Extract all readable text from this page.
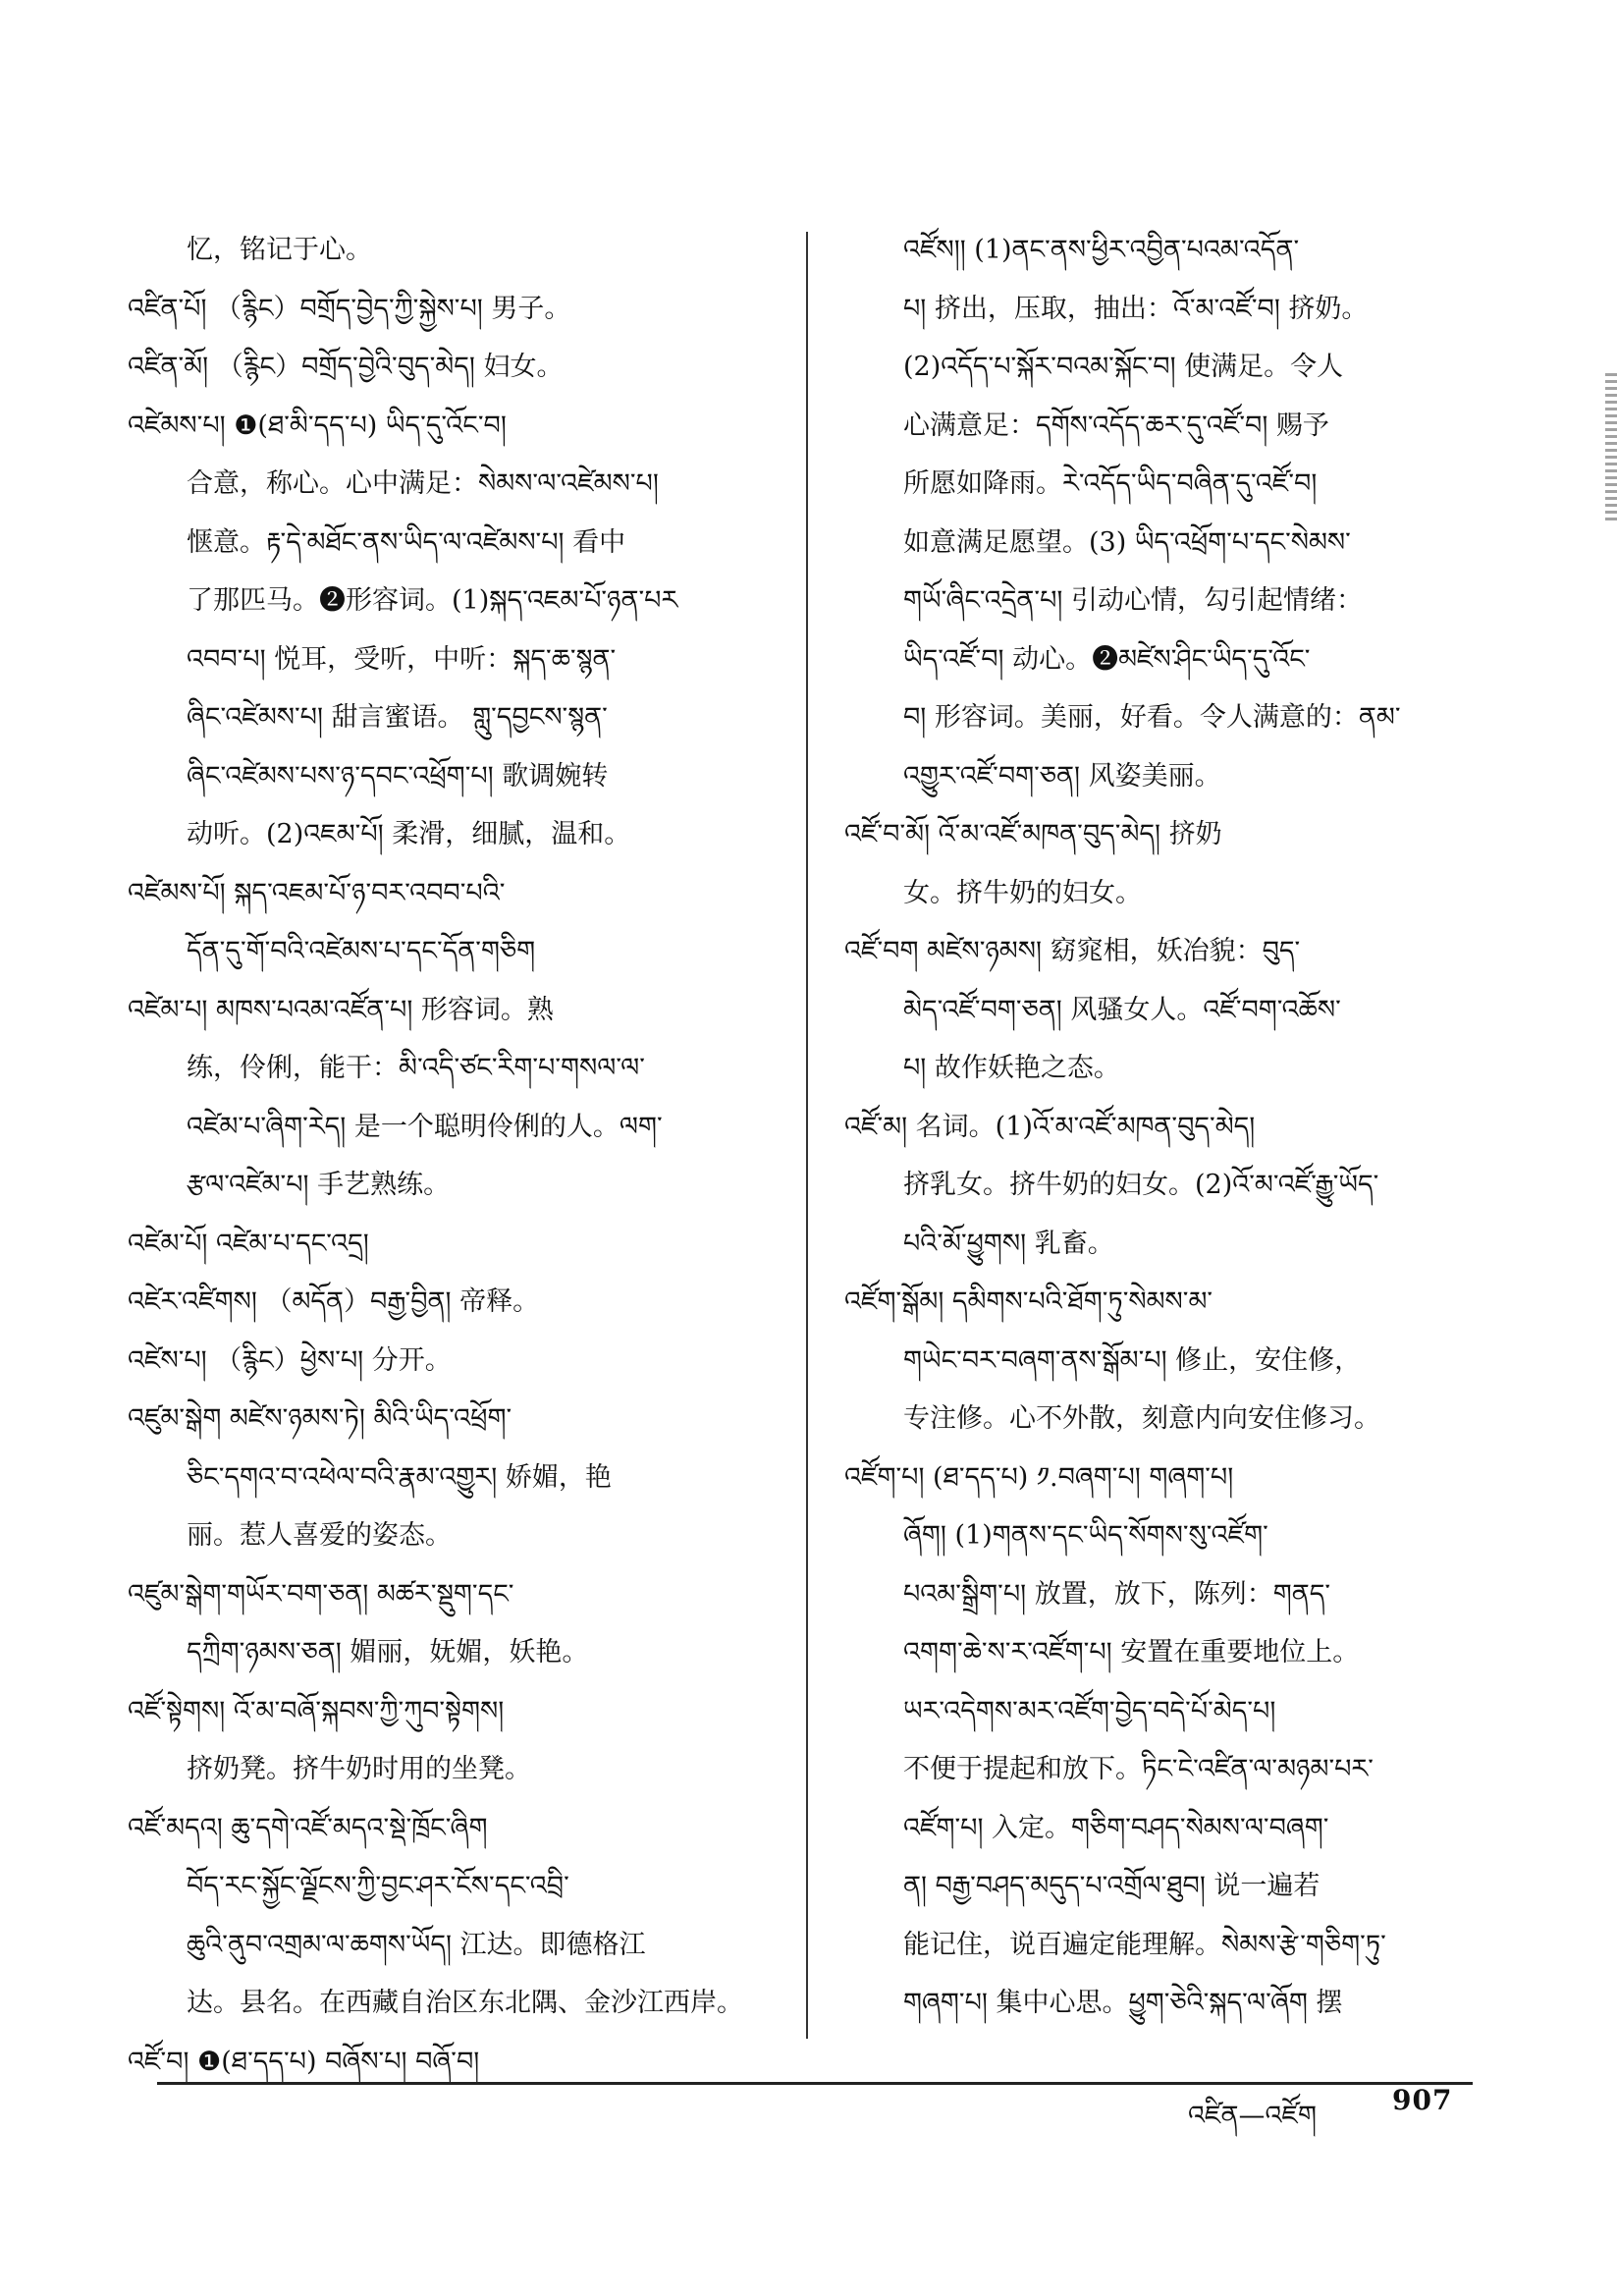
忆，铭记于心。
འཛིན་པོ། （རྙིང）བགྲོད་བྱེད་ཀྱི་སྐྱེས་པ། 男子。
འཛིན་མོ། （རྙིང）བགྲོད་བྱེའི་བུད་མེད། 妇女。
འཛེམས་པ། ❶(ཐ་མི་དད་པ) ཡིད་དུ་འོང་བ།
合意，称心。心中满足：སེམས་ལ་འཛེམས་པ།
惬意。རྟ་དེ་མཐོང་ནས་ཡིད་ལ་འཛེམས་པ། 看中
了那匹马。❷形容词。(1)སྐད་འཇམ་པོ་ཉན་པར
འབབ་པ། 悦耳，受听，中听：སྐད་ཆ་སྙན་
ཞིང་འཛེམས་པ། 甜言蜜语。 གླུ་དབྱངས་སྙན་
ཞིང་འཛེམས་པས་ཉ་དབང་འཕྲོག་པ། 歌调婉转
动听。(2)འཇམ་པོ། 柔滑，细腻，温和。
འཛེམས་པོ། སྐད་འཇམ་པོ་ཉ་བར་འབབ་པའི་
དོན་དུ་གོ་བའི་འཛེམས་པ་དང་དོན་གཅིག
འཛེམ་པ། མཁས་པའམ་འཛོན་པ། 形容词。熟
练，伶俐，能干：མི་འདི་ཙང་རིག་པ་གསལ་ལ་
འཛེམ་པ་ཞིག་རེད། 是一个聪明伶俐的人。ལག་
རྩལ་འཛེམ་པ། 手艺熟练。
འཛེམ་པོ། འཛེམ་པ་དང་འདྲ།
འཛེར་འཛིགས། （མདོན）བརྒྱ་བྱིན། 帝释。
འཛེས་པ། （རྙིང）ཕྱེས་པ། 分开。
འཛུམ་སྒེག མཛེས་ཉམས་ཏེ། མིའི་ཡིད་འཕྲོག་
ཅིང་དགའ་བ་འཕེལ་བའི་རྣམ་འགྱུར། 娇媚，艳
丽。惹人喜爱的姿态。
འཛུམ་སྒེག་གཡོར་བག་ཅན། མཚར་སྡུག་དང་
དཀྲིག་ཉམས་ཅན། 媚丽，妩媚，妖艳。
འཛོ་སྟེགས། འོ་མ་བཞོ་སྐབས་ཀྱི་ཀུབ་སྟེགས།
挤奶凳。挤牛奶时用的坐凳。
འཛོ་མདའ། ཆུ་དགེ་འཛོ་མདའ་སྡེ་ཁྲོང་ཞིག
བོད་རང་སྐྱོང་ལྗོངས་ཀྱི་བྱང་ཤར་ངོས་དང་འབྲི་
ཆུའི་ནུབ་འགྲམ་ལ་ཆགས་ཡོད། 江达。即德格江
达。县名。在西藏自治区东北隅、金沙江西岸。
འཛོ་བ། ❶(ཐ་དད་པ) བཞོས་པ། བཞོ་བ།
འཛོས།། (1)ནང་ནས་ཕྱིར་འབྱིན་པའམ་འདོན་
པ། 挤出，压取，抽出：འོ་མ་འཛོ་བ། 挤奶。
(2)འདོད་པ་སྐོར་བའམ་སྐོང་བ། 使满足。令人
心满意足：དགོས་འདོད་ཆར་དུ་འཛོ་བ། 赐予
所愿如降雨。རེ་འདོད་ཡིད་བཞིན་དུ་འཛོ་བ།
如意满足愿望。(3) ཡིད་འཕྲོག་པ་དང་སེམས་
གཡོ་ཞིང་འདྲེན་པ། 引动心情，勾引起情绪：
ཡིད་འཛོ་བ། 动心。❷མཛེས་ཤིང་ཡིད་དུ་འོང་
བ། 形容词。美丽，好看。令人满意的：ནམ་
འགྱུར་འཛོ་བག་ཅན། 风姿美丽。
འཛོ་བ་མོ། འོ་མ་འཛོ་མཁན་བུད་མེད། 挤奶
女。挤牛奶的妇女。
འཛོ་བག མཛེས་ཉམས། 窈窕相，妖冶貌：བུད་
མེད་འཛོ་བག་ཅན། 风骚女人。འཛོ་བག་འཆོས་
པ། 故作妖艳之态。
འཛོ་མ། 名词。(1)འོ་མ་འཛོ་མཁན་བུད་མེད།
挤乳女。挤牛奶的妇女。(2)འོ་མ་འཛོ་རྒྱུ་ཡོད་
པའི་མོ་ཕྱུགས། 乳畜。
འཛོག་སྒོམ། དམིགས་པའི་ཐོག་ཏུ་སེམས་མ་
གཡེང་བར་བཞག་ནས་སྒོམ་པ། 修止，安住修，
专注修。心不外散，刻意内向安住修习。
འཛོག་པ། (ཐ་དད་པ) ༡.བཞག་པ། གཞག་པ།
ཞོག། (1)གནས་དང་ཡིད་སོགས་སུ་འཛོག་
པའམ་སྒྲིག་པ། 放置，放下，陈列：གནད་
འགག་ཆེ་ས་ར་འཛོག་པ། 安置在重要地位上。
ཡར་འདེགས་མར་འཛོག་བྱེད་བདེ་པོ་མེད་པ།
不便于提起和放下。ཏིང་ངེ་འཛིན་ལ་མཉམ་པར་
འཛོག་པ། 入定。གཅིག་བཤད་སེམས་ལ་བཞག་
ན། བརྒྱ་བཤད་མདུད་པ་འགྲོལ་ཐུབ། 说一遍若
能记住，说百遍定能理解。སེམས་རྩེ་གཅིག་ཏུ་
གཞག་པ། 集中心思。ཕྱུག་ཅེའི་སྐད་ལ་ཞོག 摆
འཛིན—འཛོག	907
